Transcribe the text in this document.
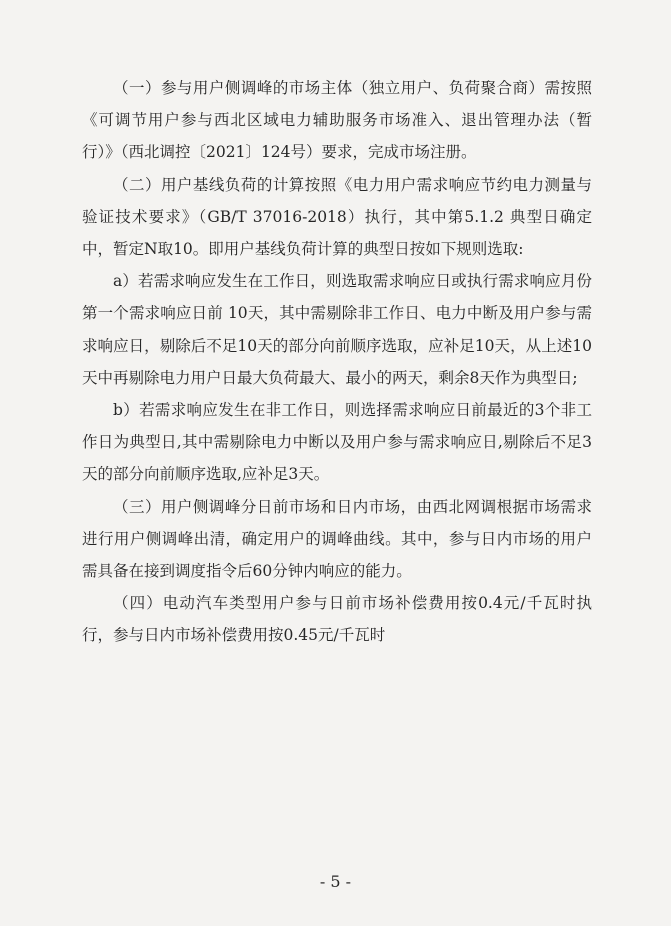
（一）参与用户侧调峰的市场主体（独立用户、负荷聚合商）需按照《可调节用户参与西北区域电力辅助服务市场准入、退出管理办法（暂行）》（西北调控〔2021〕124号）要求，完成市场注册。

（二）用户基线负荷的计算按照《电力用户需求响应节约电力测量与验证技术要求》（GB/T 37016-2018）执行，其中第5.1.2 典型日确定中，暂定N取10。即用户基线负荷计算的典型日按如下规则选取:

a）若需求响应发生在工作日，则选取需求响应日或执行需求响应月份第一个需求响应日前 10天，其中需剔除非工作日、电力中断及用户参与需求响应日，剔除后不足10天的部分向前顺序选取，应补足10天，从上述10天中再剔除电力用户日最大负荷最大、最小的两天，剩余8天作为典型日;

b）若需求响应发生在非工作日，则选择需求响应日前最近的3个非工作日为典型日,其中需剔除电力中断以及用户参与需求响应日,剔除后不足3天的部分向前顺序选取,应补足3天。

（三）用户侧调峰分日前市场和日内市场，由西北网调根据市场需求进行用户侧调峰出清，确定用户的调峰曲线。其中，参与日内市场的用户需具备在接到调度指令后60分钟内响应的能力。

（四）电动汽车类型用户参与日前市场补偿费用按0.4元/千瓦时执行，参与日内市场补偿费用按0.45元/千瓦时

- 5 -
